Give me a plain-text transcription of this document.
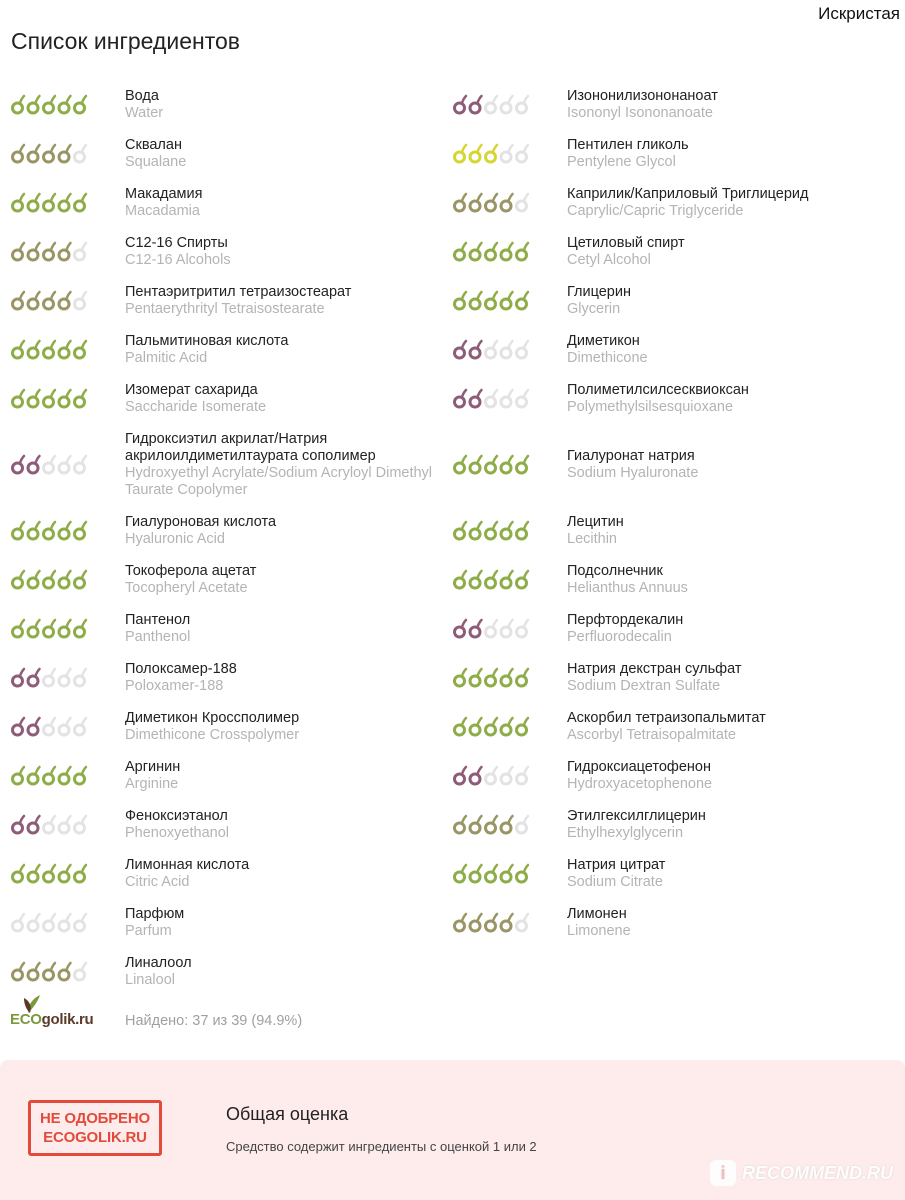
Искристая
Список ингредиентов
Вода
Water
Сквалан
Squalane
Макадамия
Macadamia
C12-16 Спирты
C12-16 Alcohols
Пентаэритритил тетраизостеарат
Pentaerythrityl Tetraisostearate
Пальмитиновая кислота
Palmitic Acid
Изомерат сахарида
Saccharide Isomerate
Гидроксиэтил акрилат/Натрия акрилоилдиметилтаурата сополимер
Hydroxyethyl Acrylate/Sodium Acryloyl Dimethyl Taurate Copolymer
Гиалуроновая кислота
Hyaluronic Acid
Токоферола ацетат
Tocopheryl Acetate
Пантенол
Panthenol
Полоксамер-188
Poloxamer-188
Диметикон Кроссполимер
Dimethicone Crosspolymer
Аргинин
Arginine
Феноксиэтанол
Phenoxyethanol
Лимонная кислота
Citric Acid
Парфюм
Parfum
Линалоол
Linalool
Изононилизононаноат
Isononyl Isononanoate
Пентилен гликоль
Pentylene Glycol
Каприлик/Каприловый Триглицерид
Caprylic/Capric Triglyceride
Цетиловый спирт
Cetyl Alcohol
Глицерин
Glycerin
Диметикон
Dimethicone
Полиметилсилсесквиоксан
Polymethylsilsesquioxane
Гиалуронат натрия
Sodium Hyaluronate
Лецитин
Lecithin
Подсолнечник
Helianthus Annuus
Перфтордекалин
Perfluorodecalin
Натрия декстран сульфат
Sodium Dextran Sulfate
Аскорбил тетраизопальмитат
Ascorbyl Tetraisopalmitate
Гидроксиацетофенон
Hydroxyacetophenone
Этилгексилглицерин
Ethylhexylglycerin
Натрия цитрат
Sodium Citrate
Лимонен
Limonene
ECOgolik.ru Найдено: 37 из 39 (94.9%)
НЕ ОДОБРЕНО
ECOGOLIK.RU
Общая оценка
Средство содержит ингредиенты с оценкой 1 или 2
i RECOMMEND.RU
